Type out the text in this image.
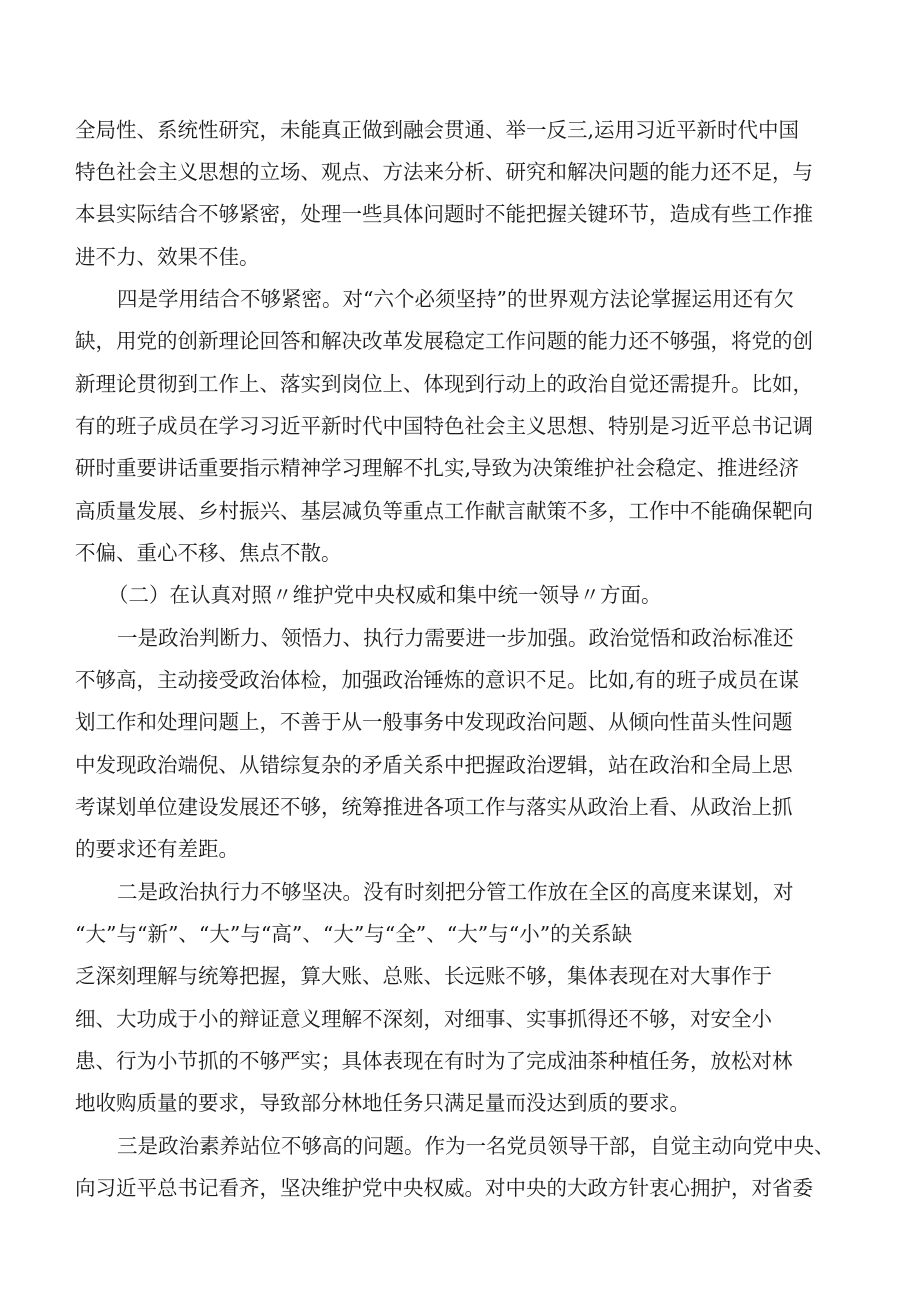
全局性、系统性研究，未能真正做到融会贯通、举一反三,运用习近平新时代中国
特色社会主义思想的立场、观点、方法来分析、研究和解决问题的能力还不足，与
本县实际结合不够紧密，处理一些具体问题时不能把握关键环节，造成有些工作推
进不力、效果不佳。
四是学用结合不够紧密。对“六个必须坚持”的世界观方法论掌握运用还有欠
缺，用党的创新理论回答和解决改革发展稳定工作问题的能力还不够强，将党的创
新理论贯彻到工作上、落实到岗位上、体现到行动上的政治自觉还需提升。比如，
有的班子成员在学习习近平新时代中国特色社会主义思想、特别是习近平总书记调
研时重要讲话重要指示精神学习理解不扎实,导致为决策维护社会稳定、推进经济
高质量发展、乡村振兴、基层减负等重点工作献言献策不多，工作中不能确保靶向
不偏、重心不移、焦点不散。
（二）在认真对照〃维护党中央权威和集中统一领导〃方面。
一是政治判断力、领悟力、执行力需要进一步加强。政治觉悟和政治标准还
不够高，主动接受政治体检，加强政治锤炼的意识不足。比如,有的班子成员在谋
划工作和处理问题上，不善于从一般事务中发现政治问题、从倾向性苗头性问题
中发现政治端倪、从错综复杂的矛盾关系中把握政治逻辑，站在政治和全局上思
考谋划单位建设发展还不够，统筹推进各项工作与落实从政治上看、从政治上抓
的要求还有差距。
二是政治执行力不够坚决。没有时刻把分管工作放在全区的高度来谋划，对
“大”与“新”、“大”与“高”、“大”与“全”、“大”与“小”的关系缺
乏深刻理解与统筹把握，算大账、总账、长远账不够，集体表现在对大事作于
细、大功成于小的辩证意义理解不深刻，对细事、实事抓得还不够，对安全小
患、行为小节抓的不够严实；具体表现在有时为了完成油茶种植任务，放松对林
地收购质量的要求，导致部分林地任务只满足量而没达到质的要求。
三是政治素养站位不够高的问题。作为一名党员领导干部，自觉主动向党中央、
向习近平总书记看齐，坚决维护党中央权威。对中央的大政方针衷心拥护，对省委
